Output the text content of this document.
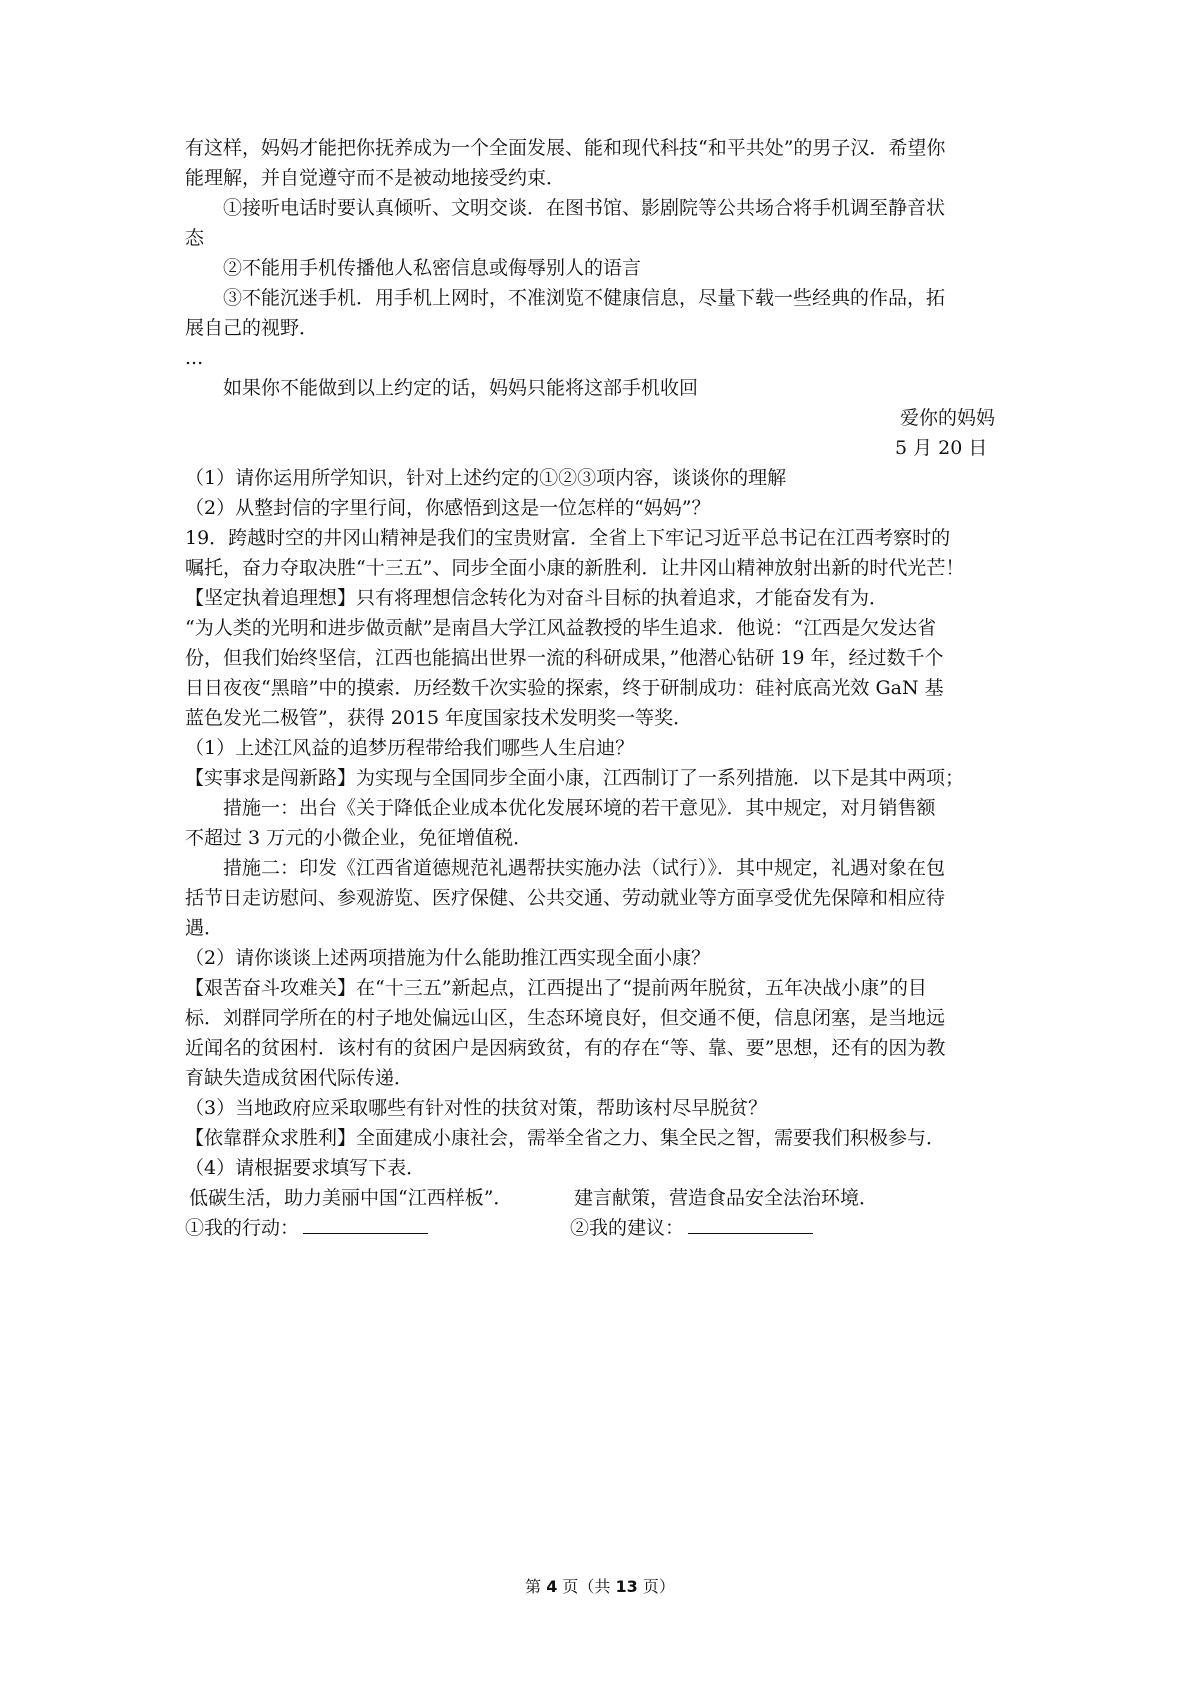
有这样，妈妈才能把你抚养成为一个全面发展、能和现代科技“和平共处”的男子汉．希望你

能理解，并自觉遵守而不是被动地接受约束．

①接听电话时要认真倾听、文明交谈．在图书馆、影剧院等公共场合将手机调至静音状

态

②不能用手机传播他人私密信息或侮辱别人的语言

③不能沉迷手机．用手机上网时，不准浏览不健康信息，尽量下载一些经典的作品，拓

展自己的视野．

...

如果你不能做到以上约定的话，妈妈只能将这部手机收回

爱你的妈妈

5 月 20 日

（1）请你运用所学知识，针对上述约定的①②③项内容，谈谈你的理解

（2）从整封信的字里行间，你感悟到这是一位怎样的“妈妈”？

19．跨越时空的井冈山精神是我们的宝贵财富．全省上下牢记习近平总书记在江西考察时的

嘱托，奋力夺取决胜“十三五”、同步全面小康的新胜利．让井冈山精神放射出新的时代光芒！

【坚定执着追理想】只有将理想信念转化为对奋斗目标的执着追求，才能奋发有为．

“为人类的光明和进步做贡献”是南昌大学江风益教授的毕生追求．他说：“江西是欠发达省

份，但我们始终坚信，江西也能搞出世界一流的科研成果，”他潜心钻研 19 年，经过数千个

日日夜夜“黑暗”中的摸索．历经数千次实验的探索，终于研制成功：硅衬底高光效 GaN 基

蓝色发光二极管”，获得 2015 年度国家技术发明奖一等奖．

（1）上述江风益的追梦历程带给我们哪些人生启迪？

【实事求是闯新路】为实现与全国同步全面小康，江西制订了一系列措施．以下是其中两项；

措施一：出台《关于降低企业成本优化发展环境的若干意见》．其中规定，对月销售额

不超过 3 万元的小微企业，免征增值税．

措施二：印发《江西省道德规范礼遇帮扶实施办法（试行）》．其中规定，礼遇对象在包

括节日走访慰问、参观游览、医疗保健、公共交通、劳动就业等方面享受优先保障和相应待

遇．

（2）请你谈谈上述两项措施为什么能助推江西实现全面小康？

【艰苦奋斗攻难关】在“十三五”新起点，江西提出了“提前两年脱贫，五年决战小康”的目

标．刘群同学所在的村子地处偏远山区，生态环境良好，但交通不便，信息闭塞，是当地远

近闻名的贫困村．该村有的贫困户是因病致贫，有的存在“等、靠、要”思想，还有的因为教

育缺失造成贫困代际传递．

（3）当地政府应采取哪些有针对性的扶贫对策，帮助该村尽早脱贫？

【依靠群众求胜利】全面建成小康社会，需举全省之力、集全民之智，需要我们积极参与．

（4）请根据要求填写下表．

低碳生活，助力美丽中国“江西样板”．	建言献策，营造食品安全法治环境．
①我的行动：	②我的建议：
第 4 页（共 13 页）
